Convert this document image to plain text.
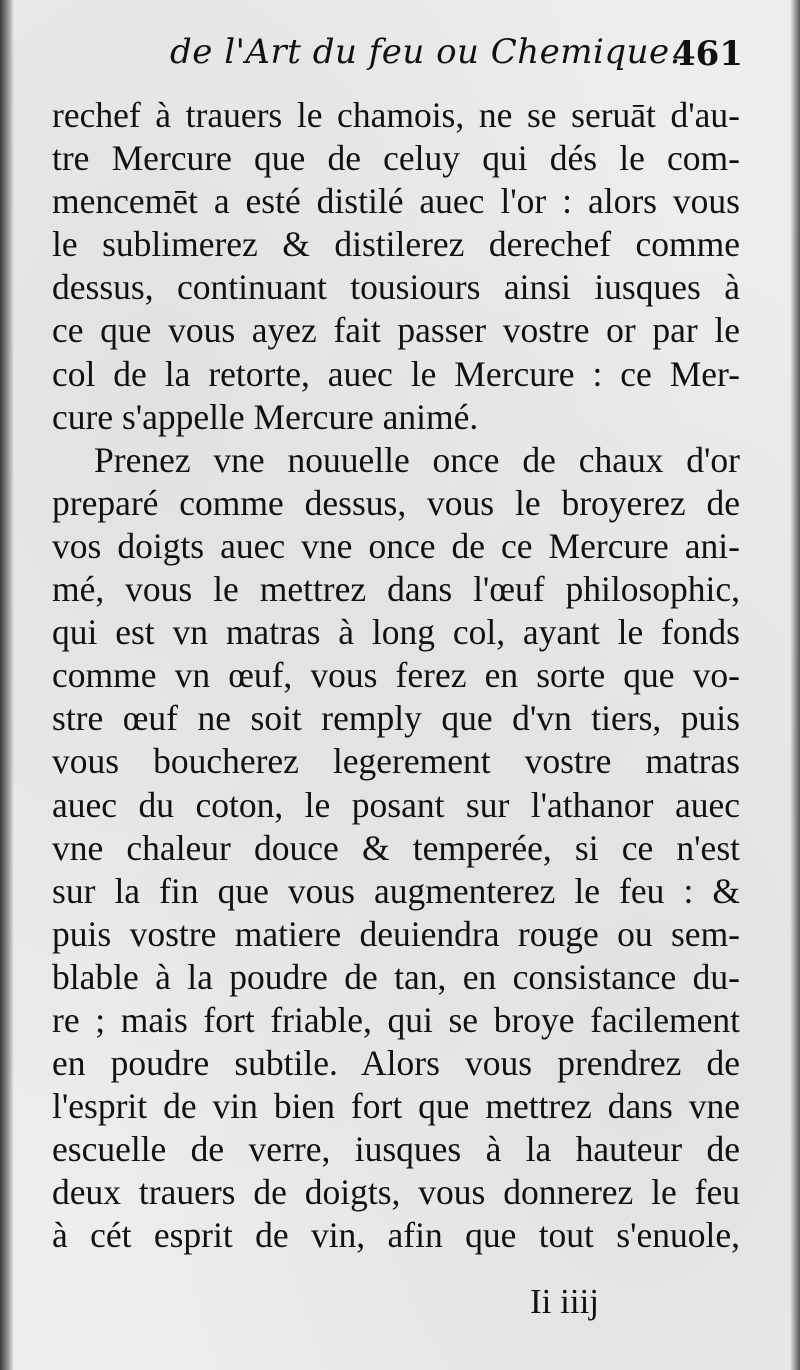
de l'Art du feu ou Chemique.
461
rechef à trauers le chamois, ne se seruāt d'au-
tre Mercure que de celuy qui dés le com-
mencemēt a esté distilé auec l'or : alors vous
le sublimerez & distilerez derechef comme
dessus, continuant tousiours ainsi iusques à
ce que vous ayez fait passer vostre or par le
col de la retorte, auec le Mercure : ce Mer-
cure s'appelle Mercure animé.
Prenez vne nouuelle once de chaux d'or
preparé comme dessus, vous le broyerez de
vos doigts auec vne once de ce Mercure ani-
mé, vous le mettrez dans l'œuf philosophic,
qui est vn matras à long col, ayant le fonds
comme vn œuf, vous ferez en sorte que vo-
stre œuf ne soit remply que d'vn tiers, puis
vous boucherez legerement vostre matras
auec du coton, le posant sur l'athanor auec
vne chaleur douce & temperée, si ce n'est
sur la fin que vous augmenterez le feu : &
puis vostre matiere deuiendra rouge ou sem-
blable à la poudre de tan, en consistance du-
re ; mais fort friable, qui se broye facilement
en poudre subtile. Alors vous prendrez de
l'esprit de vin bien fort que mettrez dans vne
escuelle de verre, iusques à la hauteur de
deux trauers de doigts, vous donnerez le feu
à cét esprit de vin, afin que tout s'enuole,
Ii iiij
